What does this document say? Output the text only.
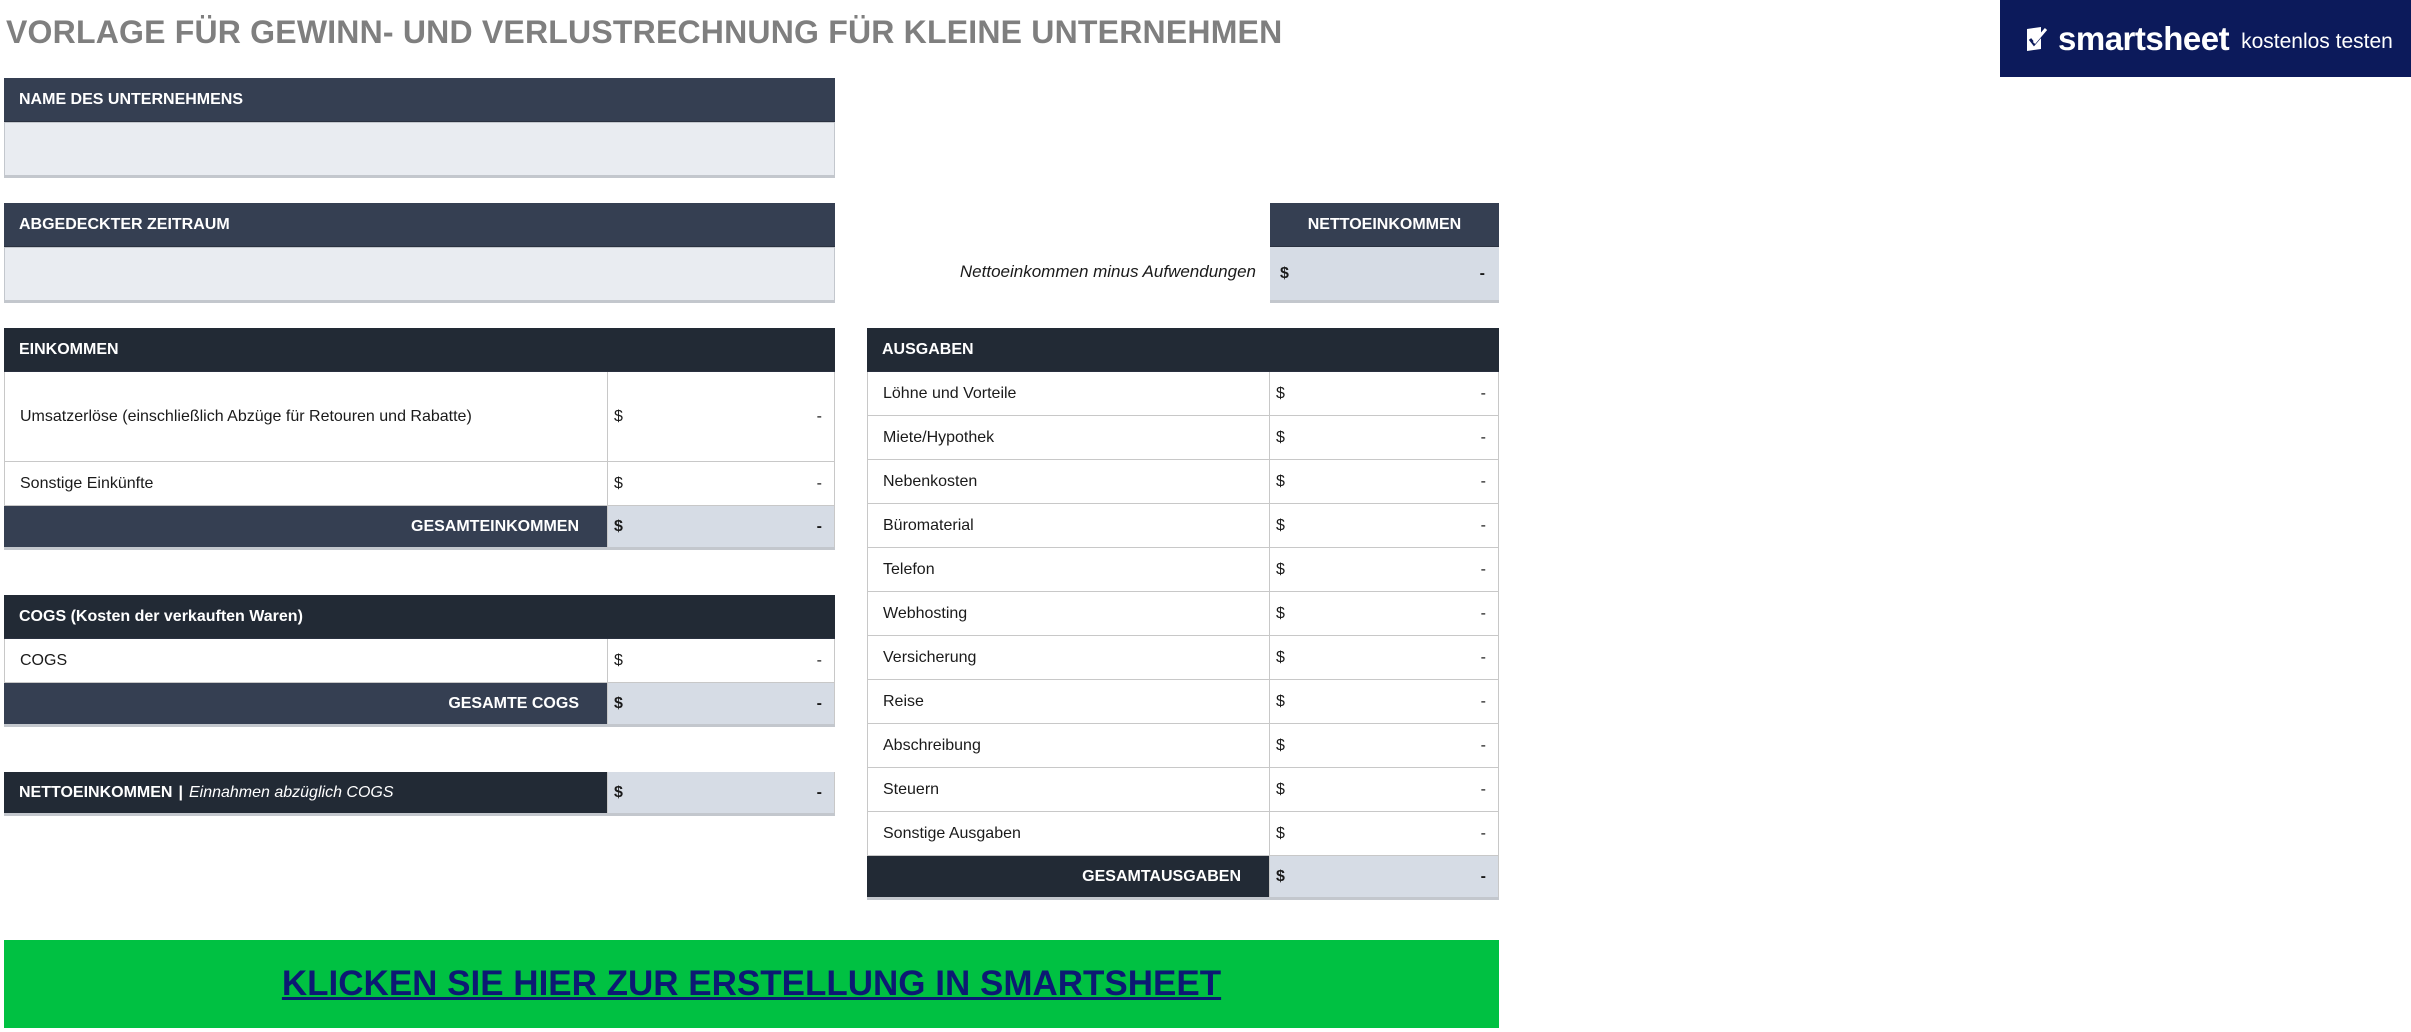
VORLAGE FÜR GEWINN- UND VERLUSTRECHNUNG FÜR KLEINE UNTERNEHMEN	smartsheet kostenlos testen
NAME DES UNTERNEHMENS
ABGEDECKTER ZEITRAUM	NETTOEINKOMMEN
Nettoeinkommen minus Aufwendungen $	-
EINKOMMEN
Umsatzerlöse (einschließlich Abzüge für Retouren und Rabatte)	$	-
Sonstige Einkünfte	$	-
GESAMTEINKOMMEN	$	-
COGS (Kosten der verkauften Waren)
COGS	$	-
GESAMTE COGS	$	-
NETTOEINKOMMEN | Einnahmen abzüglich COGS	$	-
AUSGABEN
Löhne und Vorteile	$	-
Miete/Hypothek	$	-
Nebenkosten	$	-
Büromaterial	$	-
Telefon	$	-
Webhosting	$	-
Versicherung	$	-
Reise	$	-
Abschreibung	$	-
Steuern	$	-
Sonstige Ausgaben	$	-
GESAMTAUSGABEN	$	-
KLICKEN SIE HIER ZUR ERSTELLUNG IN SMARTSHEET
